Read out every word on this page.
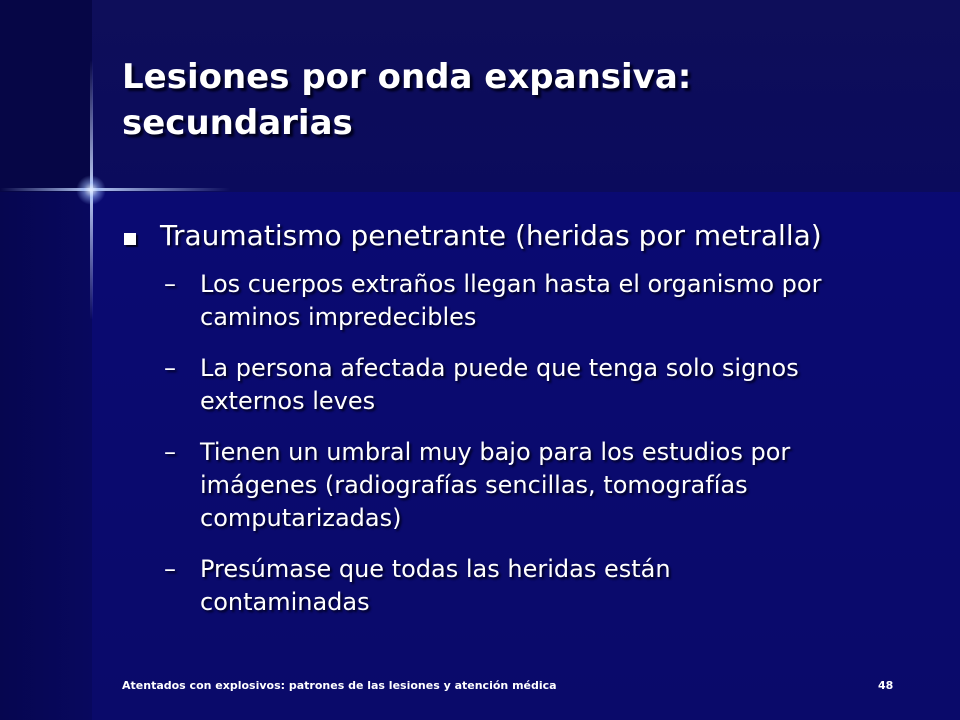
Lesiones por onda expansiva:
secundarias
Traumatismo penetrante (heridas por metralla)
– Los cuerpos extraños llegan hasta el organismo por
caminos impredecibles
– La persona afectada puede que tenga solo signos
externos leves
– Tienen un umbral muy bajo para los estudios por
imágenes (radiografías sencillas, tomografías
computarizadas)
– Presúmase que todas las heridas están
contaminadas
Atentados con explosivos: patrones de las lesiones y atención médica	48
